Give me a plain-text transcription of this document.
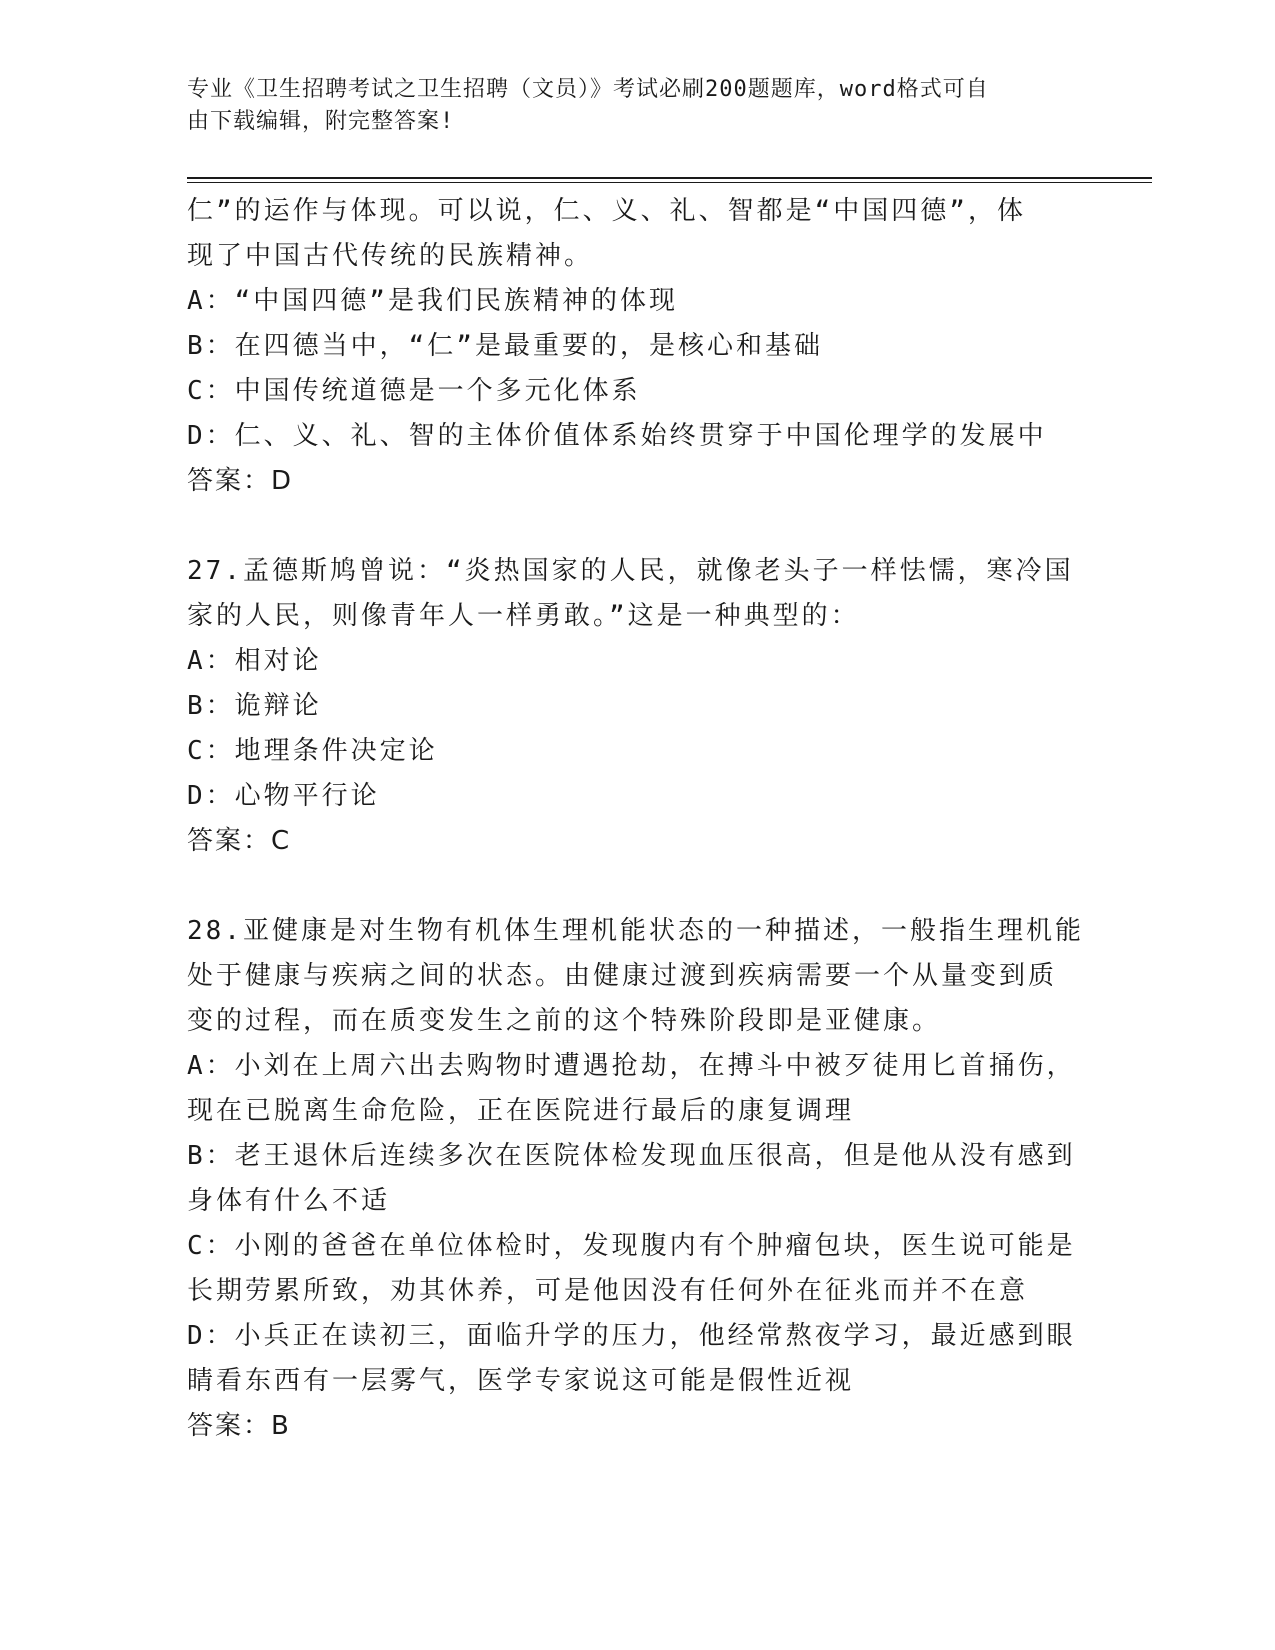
专业《卫生招聘考试之卫生招聘（文员）》考试必刷200题题库，word格式可自
由下载编辑，附完整答案!
仁”的运作与体现。可以说，仁、义、礼、智都是“中国四德”，体
现了中国古代传统的民族精神。
A：“中国四德”是我们民族精神的体现
B：在四德当中，“仁”是最重要的，是核心和基础
C：中国传统道德是一个多元化体系
D：仁、义、礼、智的主体价值体系始终贯穿于中国伦理学的发展中
答案：D
27.孟德斯鸠曾说：“炎热国家的人民，就像老头子一样怯懦，寒冷国
家的人民，则像青年人一样勇敢。”这是一种典型的：
A：相对论
B：诡辩论
C：地理条件决定论
D：心物平行论
答案：C
28.亚健康是对生物有机体生理机能状态的一种描述，一般指生理机能
处于健康与疾病之间的状态。由健康过渡到疾病需要一个从量变到质
变的过程，而在质变发生之前的这个特殊阶段即是亚健康。
A：小刘在上周六出去购物时遭遇抢劫，在搏斗中被歹徒用匕首捅伤，
现在已脱离生命危险，正在医院进行最后的康复调理
B：老王退休后连续多次在医院体检发现血压很高，但是他从没有感到
身体有什么不适
C：小刚的爸爸在单位体检时，发现腹内有个肿瘤包块，医生说可能是
长期劳累所致，劝其休养，可是他因没有任何外在征兆而并不在意
D：小兵正在读初三，面临升学的压力，他经常熬夜学习，最近感到眼
睛看东西有一层雾气，医学专家说这可能是假性近视
答案：B
